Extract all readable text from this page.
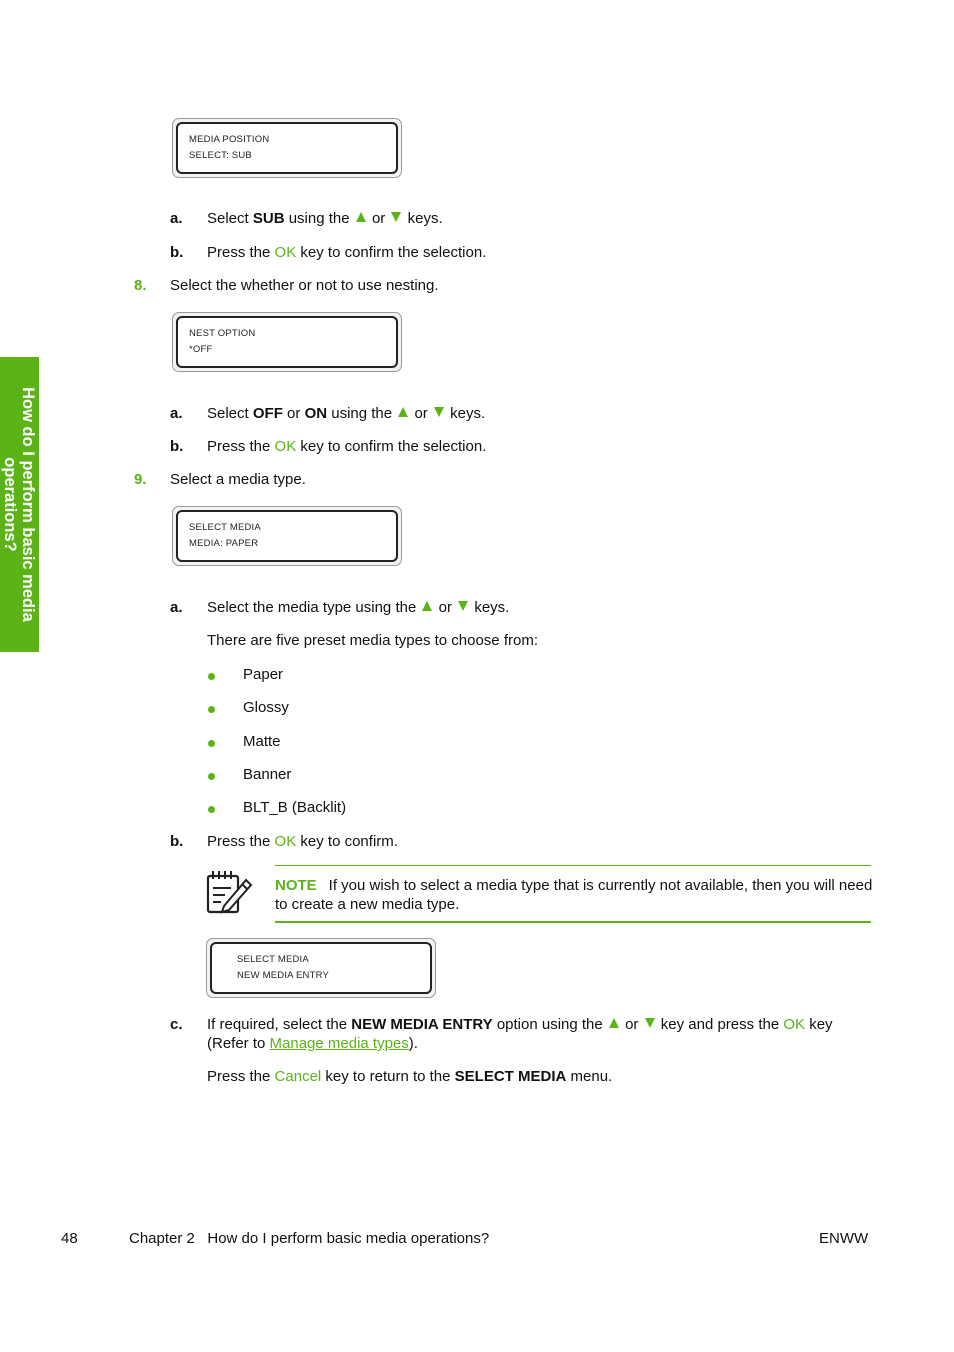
How do I perform basic media operations?
MEDIA POSITION
SELECT: SUB
a. Select SUB using the or keys.
b. Press the OK key to confirm the selection.
8. Select the whether or not to use nesting.
NEST OPTION
*OFF
a. Select OFF or ON using the or keys.
b. Press the OK key to confirm the selection.
9. Select a media type.
SELECT MEDIA
MEDIA: PAPER
a. Select the media type using the or keys.
There are five preset media types to choose from:
Paper
Glossy
Matte
Banner
BLT_B (Backlit)
b. Press the OK key to confirm.
NOTE If you wish to select a media type that is currently not available, then you will need to create a new media type.
SELECT MEDIA
NEW MEDIA ENTRY
c. If required, select the NEW MEDIA ENTRY option using the or key and press the OK key
(Refer to Manage media types).
Press the Cancel key to return to the SELECT MEDIA menu.
48	Chapter 2   How do I perform basic media operations?	ENWW
